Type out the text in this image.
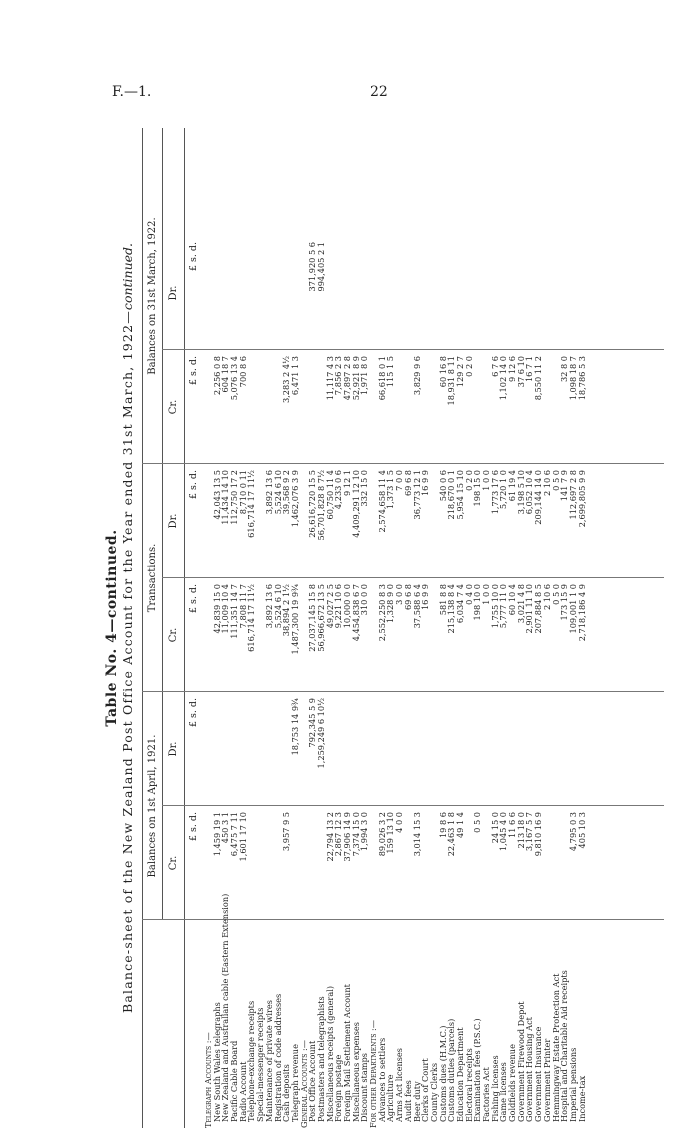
F.—1.	22
Table No. 4—continued. Balance-sheet of the New Zealand Post Office Account for the Year ended 31st March, 1922—continued.
Balances on 1st April, 1921.
Transactions.
Balances on 31st March, 1922.
Cr.
Dr.
Cr.
Dr.
Cr.
Dr.
£ s. d.
£ s. d.
£ s. d.
£ s. d.
£ s. d.
£ s. d.
Telegraph Accounts :—
New South Wales telegraphs
1,459 19 1
42,839 15 0
42,043 13 5
2,256 0 8
New Zealand and Australian cable (Eastern Extension)
450 3 1
11,009 10 4
11,434 14 10
604 18 7
Pacific Cable Board
6,475 7 11
111,351 14 7
112,750 17 2
5,076 13 4
Radio Account
1,601 17 10
7,808 11 7
8,710 0 11
700 8 6
Telephone-exchange receipts
616,714 17 11½
616,714 17 11½
Special-messenger receipts
Maintenance of private wires
3,892 13 6
3,892 13 6
Registration of code addresses
5,524 6 10
5,524 6 10
Cash deposits
3,957 9 5
38,894 2 1½
39,568 9 2
3,283 2 4½
Telegraph revenue
18,753 14 9¾
1,487,300 19 9¾
1,462,076 3 9
6,471 1 3
General Accounts :—
Post Office Account
792,345 5 9
27,037,145 15 8
26,616,720 15 5
371,920 5 6
Postmasters and telegraphists
1,259,249 6 10½
56,966,672 13 5
56,701,828 8 7½
994,405 2 1
Miscellaneous receipts (general)
22,794 13 2
49,027 2 5
60,750 11 4
11,117 4 3
Foreign postage
2,867 12 3
9,221 10 6
4,233 0 6
7,856 2 3
Foreign Mail Settlement Account
37,906 14 9
10,000 0 0
9 12 1
47,897 2 8
Miscellaneous expenses
7,374 15 0
4,454,838 6 7
4,409,291 12 10
52,921 8 9
Discount stamps
1,994 3 0
310 0 0
332 15 0
1,971 8 0
For other Departments :—
Advances to settlers
89,026 3 2
2,552,250 8 3
2,574,658 11 4
66,618 0 1
Agriculture
159 13 10
1,328 9 0
1,373 1 5
115 1 5
Arms Act licenses
4 0 0
3 0 0
7 0 0
Audit fees
69 6 8
69 6 8
Beer duty
3,014 15 3
37,588 6 4
36,773 12 1
3,829 9 6
Clerks of Court
16 9 9
16 9 9
County Clerks
Customs dues (H.M.C.)
19 8 6
581 8 8
540 0 6
60 16 8
Customs duties (parcels)
22,463 1 8
215,138 8 4
218,670 0 1
18,931 8 11
Education Department
49 1 4
6,034 7 4
5,954 15 10
129 2 7
Electoral receipts
0 4 0
0 2 0
0 2 0
Examination fees (P.S.C.)
0 5 0
198 10 0
198 15 0
Factories Act
1 0 0
1 0 0
Fishing licenses
24 15 0
1,755 10 0
1,773 17 6
6 7 6
Game licenses
1,045 4 0
5,777 11 0
5,720 1 0
1,102 14 0
Goldfields revenue
11 6 6
60 10 4
61 19 4
9 12 6
Government Firewood Depot
213 18 0
3,021 4 8
3,198 5 10
37 6 10
Government Housing Act
3,167 5 7
2,901 11 10
6,052 10 4
16 7 1
Government Insurance
9,810 16 9
207,884 8 5
209,144 14 0
8,550 11 2
Government Printer
2 10 6
2 10 6
Hemmingway Estate Protection Act
0 5 0
0 5 0
Hospital and Charitable Aid receipts
173 15 9
141 7 9
32 8 0
Imperial pensions
4,795 0 3
109,001 1 0
112,697 2 8
1,098 18 7
Income-tax
405 10 3
2,718,186 4 9
2,699,805 9 9
18,786 5 3
